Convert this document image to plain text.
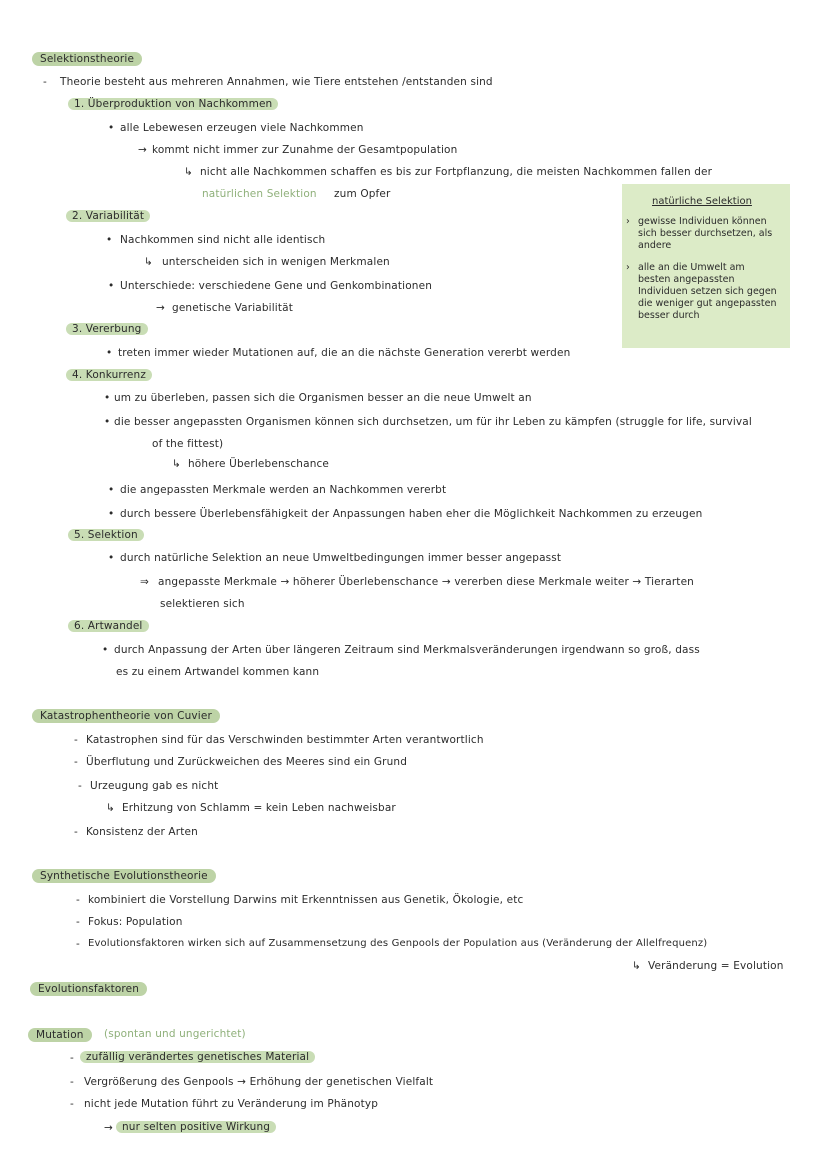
Selektionstheorie
- Theorie besteht aus mehreren Annahmen, wie Tiere entstehen /entstanden sind
1. Überproduktion von Nachkommen
• alle Lebewesen erzeugen viele Nachkommen
→ kommt nicht immer zur Zunahme der Gesamtpopulation
↳ nicht alle Nachkommen schaffen es bis zur Fortpflanzung, die meisten Nachkommen fallen der
natürlichen Selektion zum Opfer
2. Variabilität
• Nachkommen sind nicht alle identisch
↳ unterscheiden sich in wenigen Merkmalen
• Unterschiede: verschiedene Gene und Genkombinationen
→ genetische Variabilität
3. Vererbung
• treten immer wieder Mutationen auf, die an die nächste Generation vererbt werden
4. Konkurrenz
• um zu überleben, passen sich die Organismen besser an die neue Umwelt an
• die besser angepassten Organismen können sich durchsetzen, um für ihr Leben zu kämpfen (struggle for life, survival
of the fittest)
↳ höhere Überlebenschance
• die angepassten Merkmale werden an Nachkommen vererbt
• durch bessere Überlebensfähigkeit der Anpassungen haben eher die Möglichkeit Nachkommen zu erzeugen
5. Selektion
• durch natürliche Selektion an neue Umweltbedingungen immer besser angepasst
⇒ angepasste Merkmale → höherer Überlebenschance → vererben diese Merkmale weiter → Tierarten
selektieren sich
6. Artwandel
• durch Anpassung der Arten über längeren Zeitraum sind Merkmalsveränderungen irgendwann so groß, dass
es zu einem Artwandel kommen kann
natürliche Selektion
› gewisse Individuen können
sich besser durchsetzen, als
andere
› alle an die Umwelt am
besten angepassten
Individuen setzen sich gegen
die weniger gut angepassten
besser durch
Katastrophentheorie von Cuvier
- Katastrophen sind für das Verschwinden bestimmter Arten verantwortlich
- Überflutung und Zurückweichen des Meeres sind ein Grund
- Urzeugung gab es nicht
↳ Erhitzung von Schlamm = kein Leben nachweisbar
- Konsistenz der Arten
Synthetische Evolutionstheorie
- kombiniert die Vorstellung Darwins mit Erkenntnissen aus Genetik, Ökologie, etc
- Fokus: Population
- Evolutionsfaktoren wirken sich auf Zusammensetzung des Genpools der Population aus (Veränderung der Allelfrequenz)
↳ Veränderung = Evolution
Evolutionsfaktoren
Mutation	(spontan und ungerichtet)
-	zufällig verändertes genetisches Material
- Vergrößerung des Genpools → Erhöhung der genetischen Vielfalt
- nicht jede Mutation führt zu Veränderung im Phänotyp
→ nur selten positive Wirkung
